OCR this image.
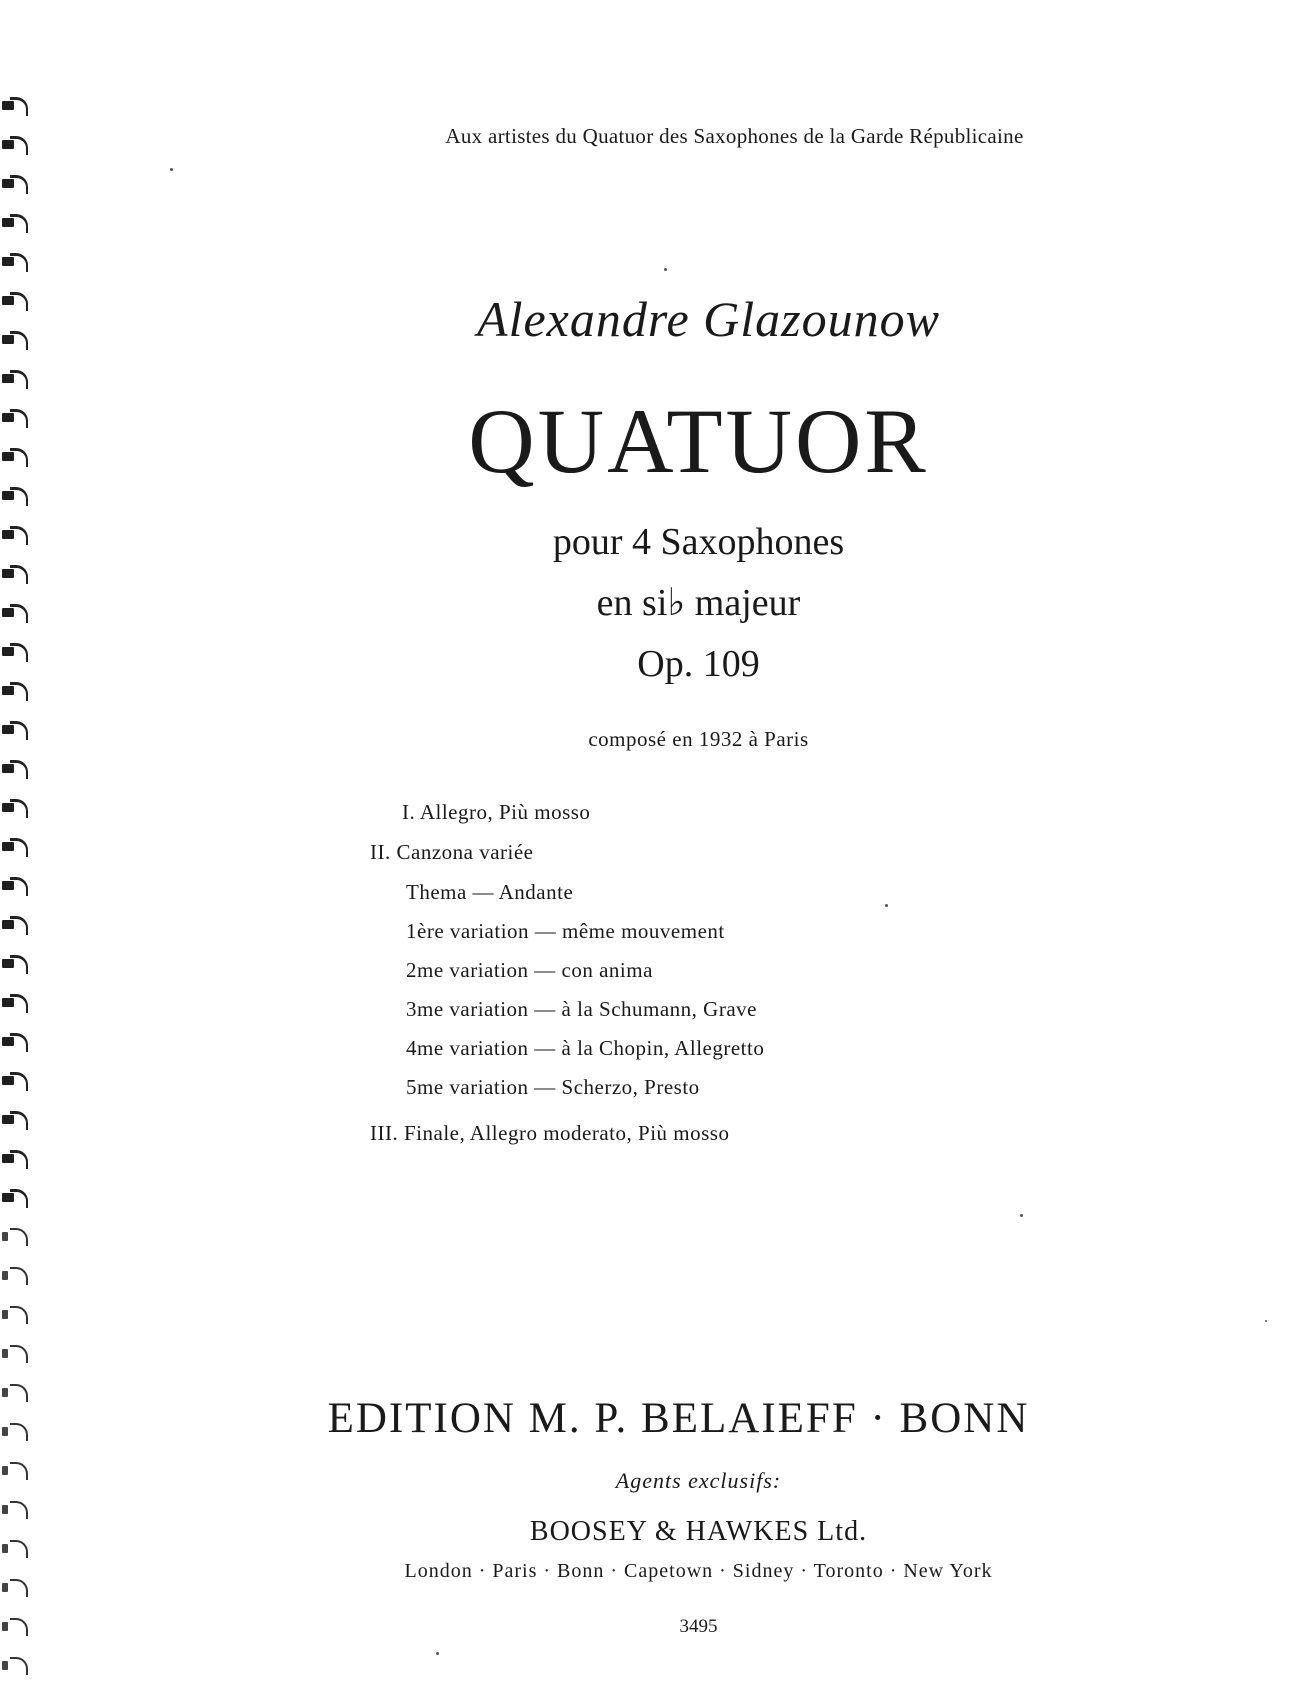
Aux artistes du Quatuor des Saxophones de la Garde Républicaine
Alexandre Glazounow
QUATUOR
pour 4 Saxophones
en si♭ majeur
Op. 109
composé en 1932 à Paris
I. Allegro, Più mosso
II. Canzona variée
Thema — Andante
1ère variation — même mouvement
2me variation — con anima
3me variation — à la Schumann, Grave
4me variation — à la Chopin, Allegretto
5me variation — Scherzo, Presto
III. Finale, Allegro moderato, Più mosso
EDITION M. P. BELAIEFF · BONN
Agents exclusifs:
BOOSEY & HAWKES Ltd.
London · Paris · Bonn · Capetown · Sidney · Toronto · New York
3495
